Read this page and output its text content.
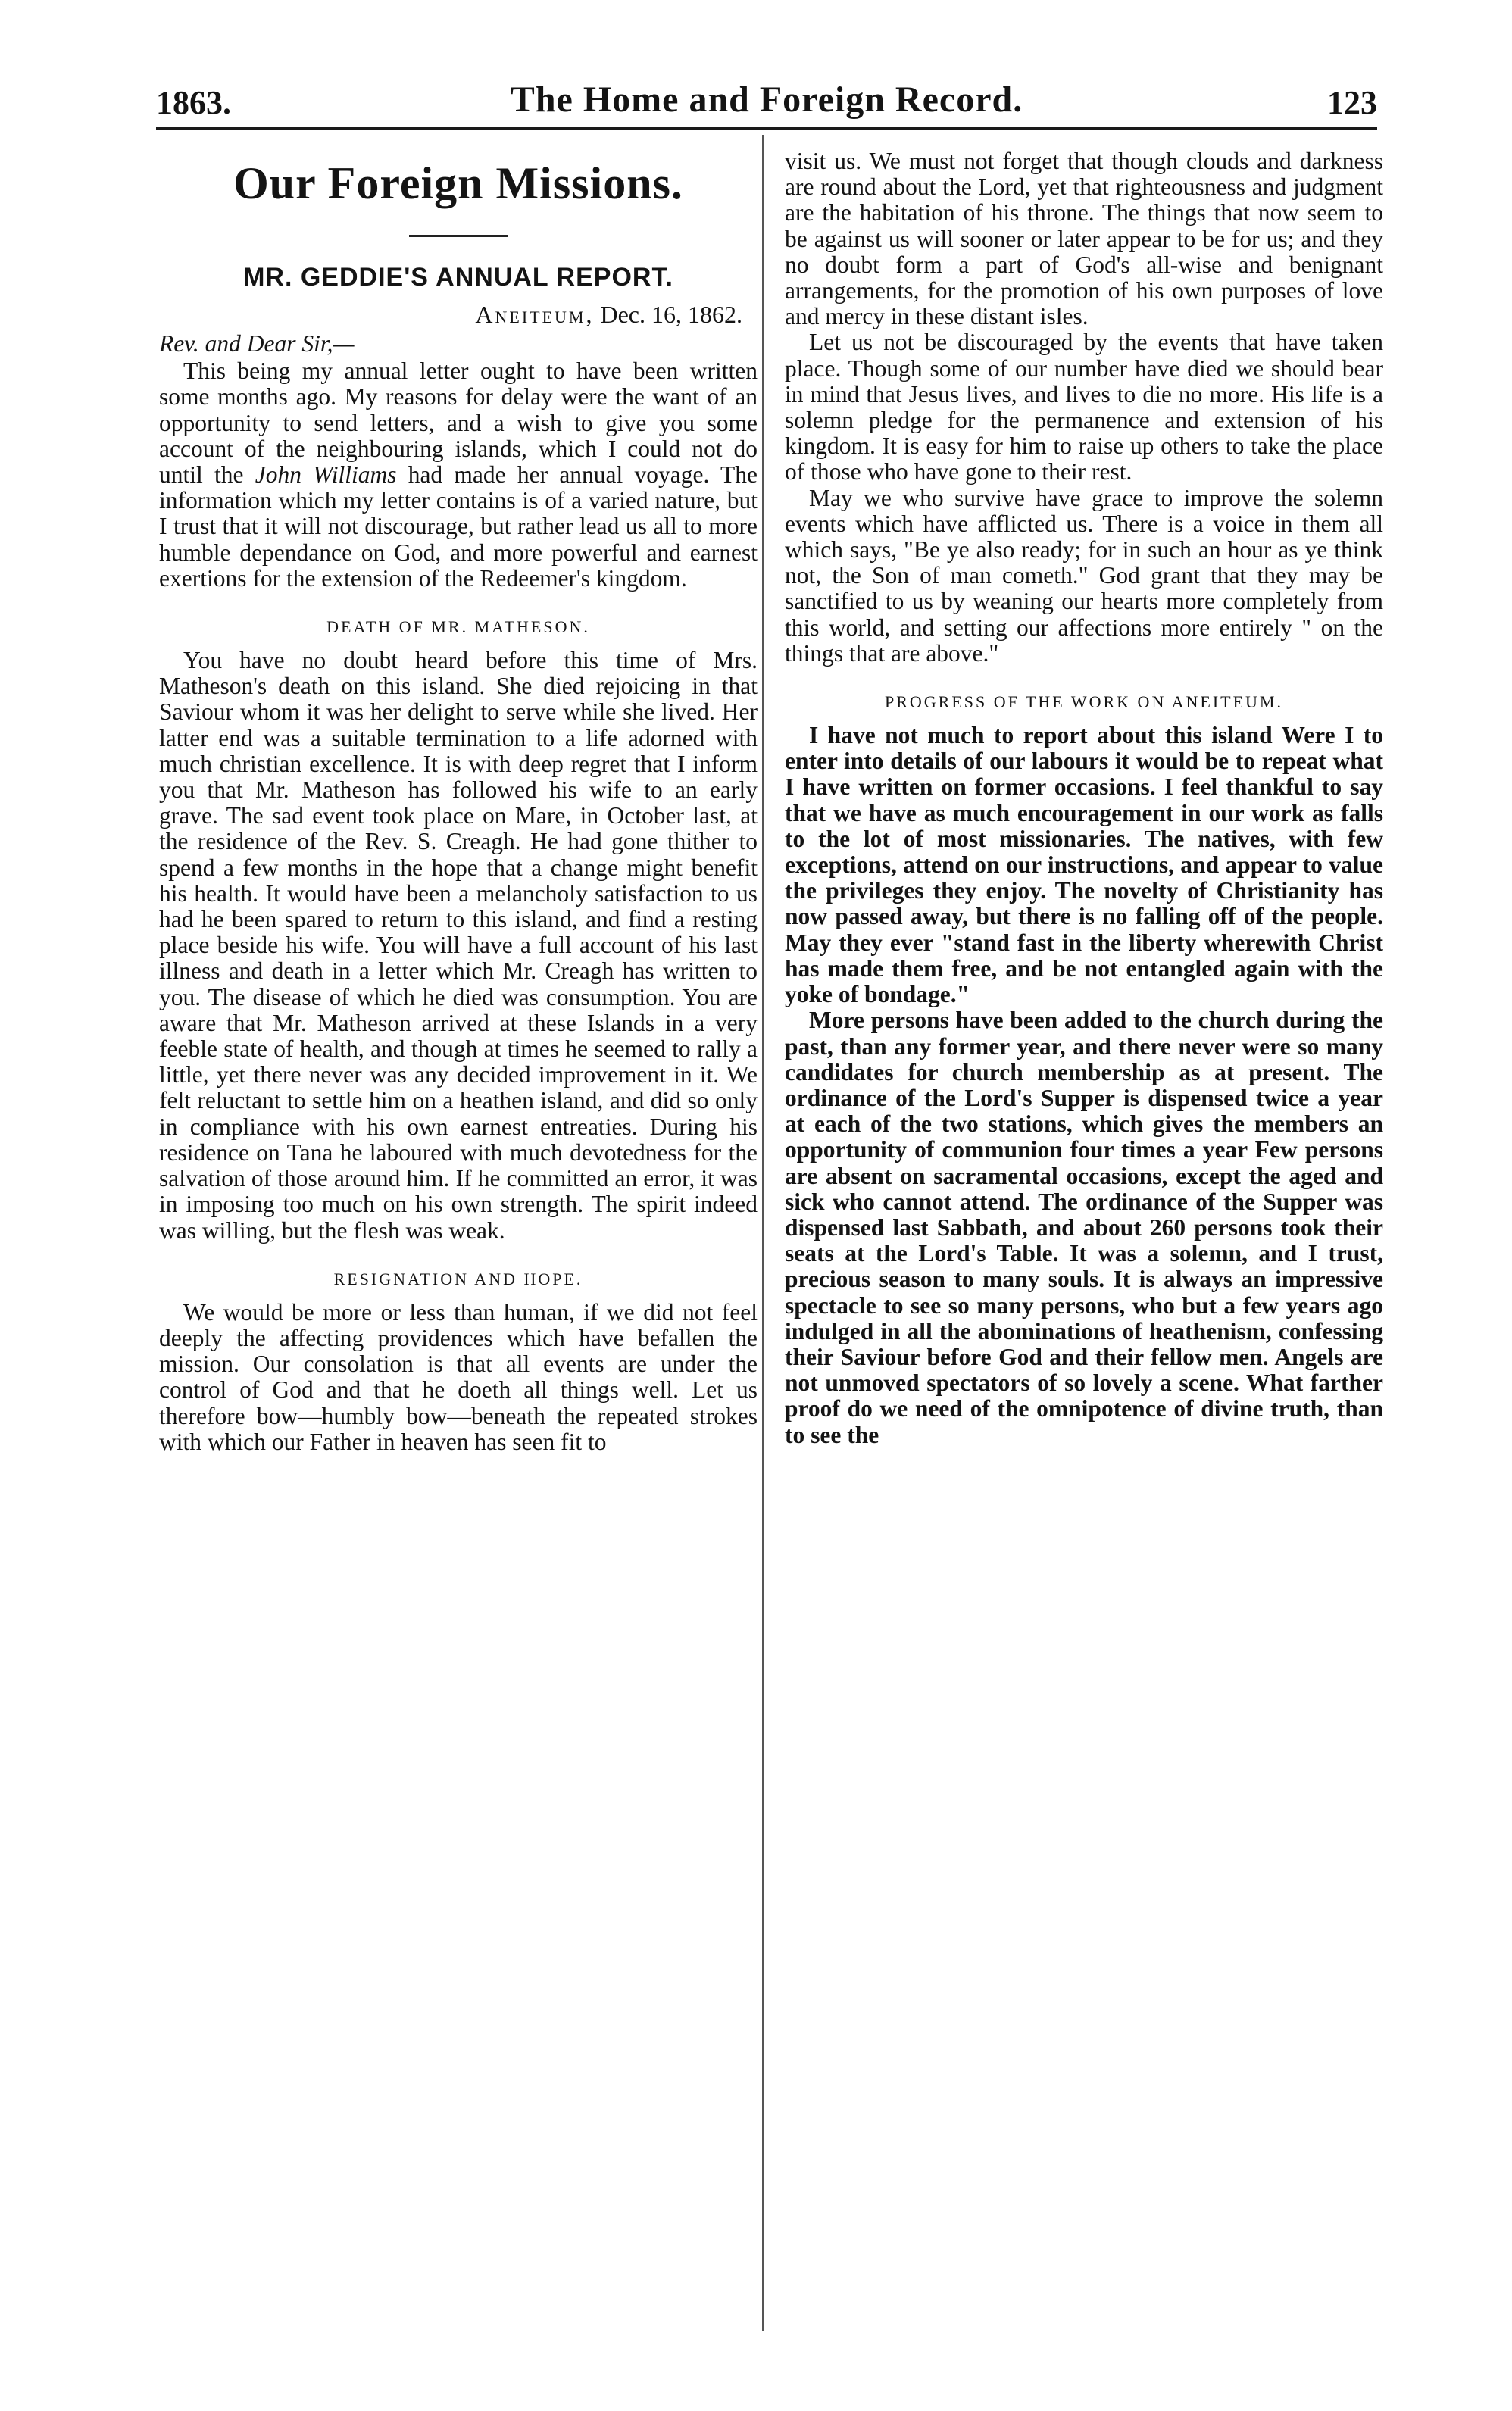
1863.	The Home and Foreign Record.	123
Our Foreign Missions.
MR. GEDDIE'S ANNUAL REPORT.
Aneiteum, Dec. 16, 1862.
Rev. and Dear Sir,—

This being my annual letter ought to have been written some months ago. My reasons for delay were the want of an opportunity to send letters, and a wish to give you some account of the neighbouring islands, which I could not do until the John Williams had made her annual voyage. The information which my letter contains is of a varied nature, but I trust that it will not discourage, but rather lead us all to more humble dependance on God, and more powerful and earnest exertions for the extension of the Redeemer's kingdom.

DEATH OF MR. MATHESON.

You have no doubt heard before this time of Mrs. Matheson's death on this island. She died rejoicing in that Saviour whom it was her delight to serve while she lived. Her latter end was a suitable termination to a life adorned with much christian excellence. It is with deep regret that I inform you that Mr. Matheson has followed his wife to an early grave. The sad event took place on Mare, in October last, at the residence of the Rev. S. Creagh. He had gone thither to spend a few months in the hope that a change might benefit his health. It would have been a melancholy satisfaction to us had he been spared to return to this island, and find a resting place beside his wife. You will have a full account of his last illness and death in a letter which Mr. Creagh has written to you. The disease of which he died was consumption. You are aware that Mr. Matheson arrived at these Islands in a very feeble state of health, and though at times he seemed to rally a little, yet there never was any decided improvement in it. We felt reluctant to settle him on a heathen island, and did so only in compliance with his own earnest entreaties. During his residence on Tana he laboured with much devotedness for the salvation of those around him. If he committed an error, it was in imposing too much on his own strength. The spirit indeed was willing, but the flesh was weak.

RESIGNATION AND HOPE.

We would be more or less than human, if we did not feel deeply the affecting providences which have befallen the mission. Our consolation is that all events are under the control of God and that he doeth all things well. Let us therefore bow—humbly bow—beneath the repeated strokes with which our Father in heaven has seen fit to

visit us. We must not forget that though clouds and darkness are round about the Lord, yet that righteousness and judgment are the habitation of his throne. The things that now seem to be against us will sooner or later appear to be for us; and they no doubt form a part of God's all-wise and benignant arrangements, for the promotion of his own purposes of love and mercy in these distant isles.

Let us not be discouraged by the events that have taken place. Though some of our number have died we should bear in mind that Jesus lives, and lives to die no more. His life is a solemn pledge for the permanence and extension of his kingdom. It is easy for him to raise up others to take the place of those who have gone to their rest.

May we who survive have grace to improve the solemn events which have afflicted us. There is a voice in them all which says, "Be ye also ready; for in such an hour as ye think not, the Son of man cometh." God grant that they may be sanctified to us by weaning our hearts more completely from this world, and setting our affections more entirely " on the things that are above."

PROGRESS OF THE WORK ON ANEITEUM.

I have not much to report about this island Were I to enter into details of our labours it would be to repeat what I have written on former occasions. I feel thankful to say that we have as much encouragement in our work as falls to the lot of most missionaries. The natives, with few exceptions, attend on our instructions, and appear to value the privileges they enjoy. The novelty of Christianity has now passed away, but there is no falling off of the people. May they ever "stand fast in the liberty wherewith Christ has made them free, and be not entangled again with the yoke of bondage."

More persons have been added to the church during the past, than any former year, and there never were so many candidates for church membership as at present. The ordinance of the Lord's Supper is dispensed twice a year at each of the two stations, which gives the members an opportunity of communion four times a year Few persons are absent on sacramental occasions, except the aged and sick who cannot attend. The ordinance of the Supper was dispensed last Sabbath, and about 260 persons took their seats at the Lord's Table. It was a solemn, and I trust, precious season to many souls. It is always an impressive spectacle to see so many persons, who but a few years ago indulged in all the abominations of heathenism, confessing their Saviour before God and their fellow men. Angels are not unmoved spectators of so lovely a scene. What farther proof do we need of the omnipotence of divine truth, than to see the
